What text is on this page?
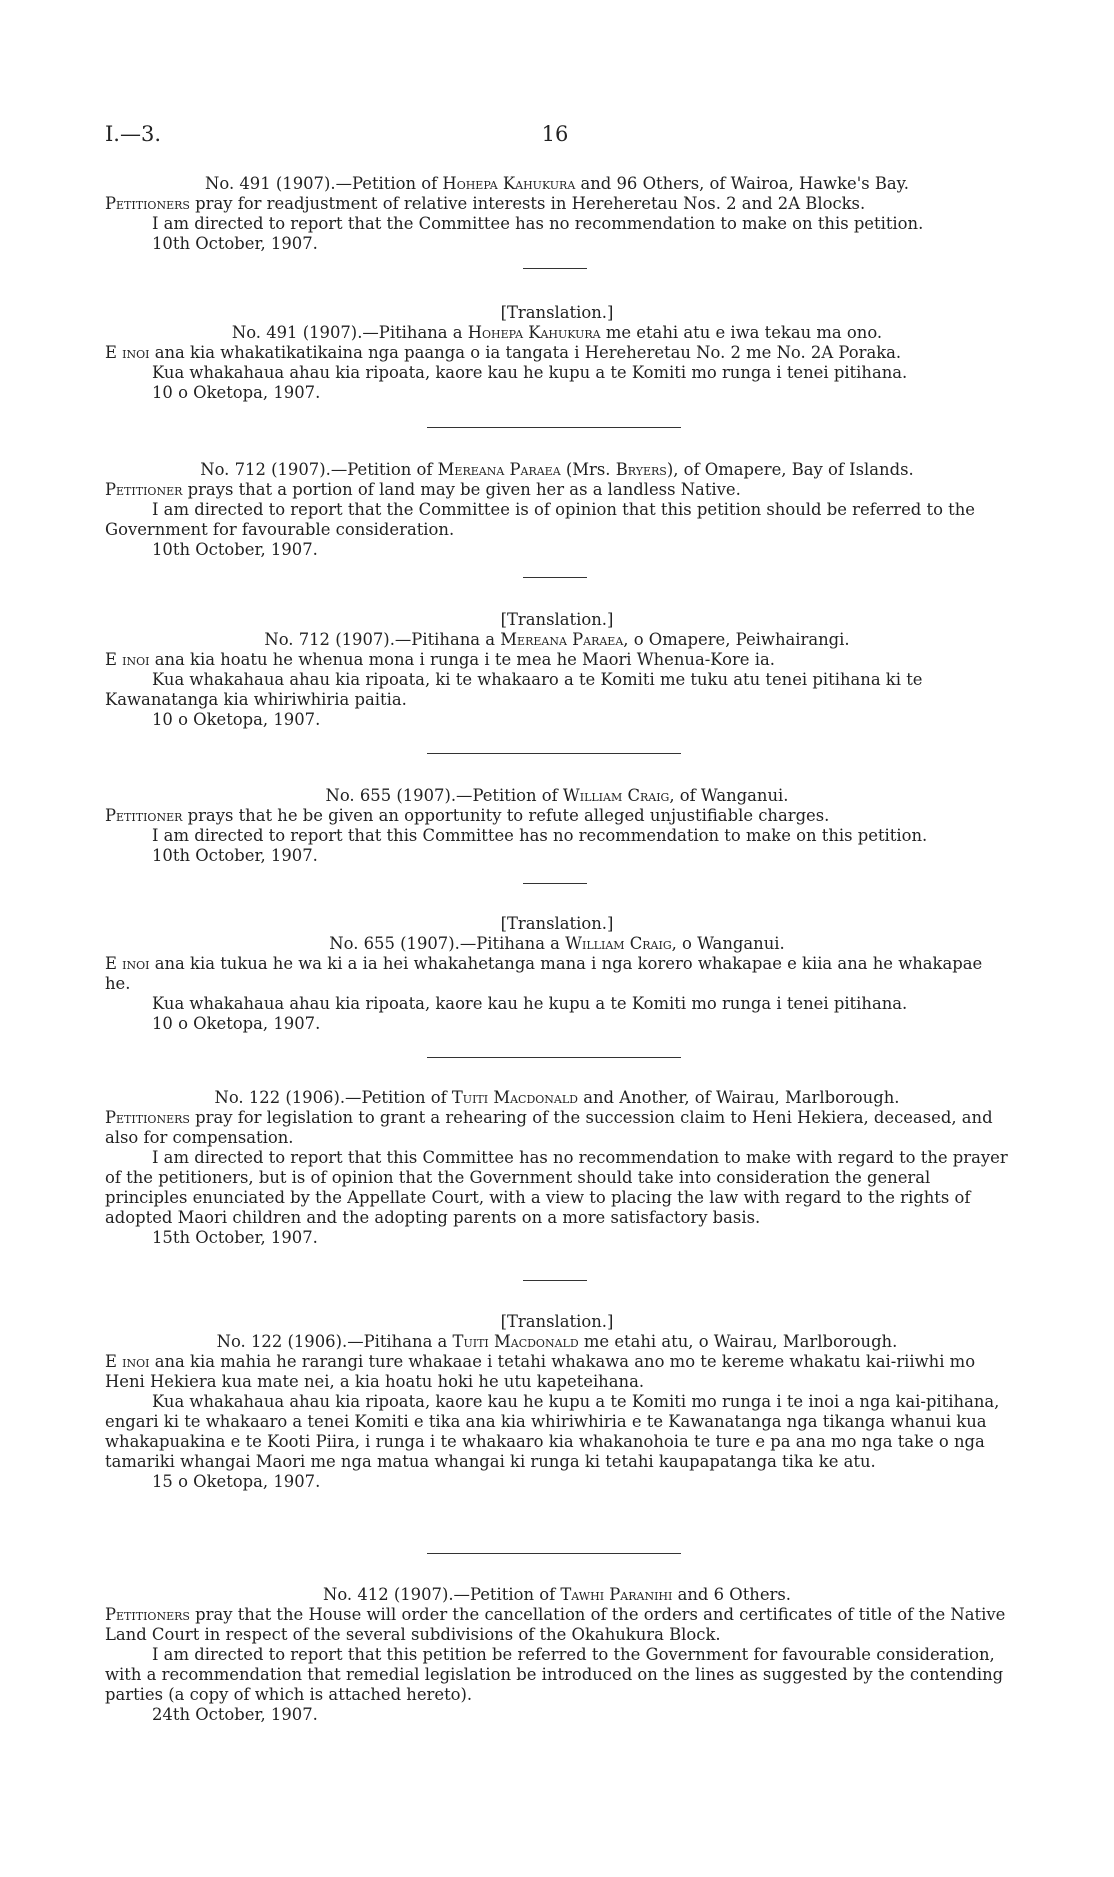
I.—3.	16

No. 491 (1907).—Petition of Hohepa Kahukura and 96 Others, of Wairoa, Hawke's Bay.

Petitioners pray for readjustment of relative interests in Hereheretau Nos. 2 and 2A Blocks.

I am directed to report that the Committee has no recommendation to make on this petition.

10th October, 1907.

[Translation.]

No. 491 (1907).—Pitihana a Hohepa Kahukura me etahi atu e iwa tekau ma ono.

E inoi ana kia whakatikatikaina nga paanga o ia tangata i Hereheretau No. 2 me No. 2A Poraka.

Kua whakahaua ahau kia ripoata, kaore kau he kupu a te Komiti mo runga i tenei pitihana.

10 o Oketopa, 1907.

No. 712 (1907).—Petition of Mereana Paraea (Mrs. Bryers), of Omapere, Bay of Islands.

Petitioner prays that a portion of land may be given her as a landless Native.

I am directed to report that the Committee is of opinion that this petition should be referred to the Government for favourable consideration.

10th October, 1907.

[Translation.]

No. 712 (1907).—Pitihana a Mereana Paraea, o Omapere, Peiwhairangi.

E inoi ana kia hoatu he whenua mona i runga i te mea he Maori Whenua-Kore ia.

Kua whakahaua ahau kia ripoata, ki te whakaaro a te Komiti me tuku atu tenei pitihana ki te Kawanatanga kia whiriwhiria paitia.

10 o Oketopa, 1907.

No. 655 (1907).—Petition of William Craig, of Wanganui.

Petitioner prays that he be given an opportunity to refute alleged unjustifiable charges.

I am directed to report that this Committee has no recommendation to make on this petition.

10th October, 1907.

[Translation.]

No. 655 (1907).—Pitihana a William Craig, o Wanganui.

E inoi ana kia tukua he wa ki a ia hei whakahetanga mana i nga korero whakapae e kiia ana he whakapae he.

Kua whakahaua ahau kia ripoata, kaore kau he kupu a te Komiti mo runga i tenei pitihana.

10 o Oketopa, 1907.

No. 122 (1906).—Petition of Tuiti Macdonald and Another, of Wairau, Marlborough.

Petitioners pray for legislation to grant a rehearing of the succession claim to Heni Hekiera, deceased, and also for compensation.

I am directed to report that this Committee has no recommendation to make with regard to the prayer of the petitioners, but is of opinion that the Government should take into consideration the general principles enunciated by the Appellate Court, with a view to placing the law with regard to the rights of adopted Maori children and the adopting parents on a more satisfactory basis.

15th October, 1907.

[Translation.]

No. 122 (1906).—Pitihana a Tuiti Macdonald me etahi atu, o Wairau, Marlborough.

E inoi ana kia mahia he rarangi ture whakaae i tetahi whakawa ano mo te kereme whakatu kai-riiwhi mo Heni Hekiera kua mate nei, a kia hoatu hoki he utu kapeteihana.

Kua whakahaua ahau kia ripoata, kaore kau he kupu a te Komiti mo runga i te inoi a nga kai-pitihana, engari ki te whakaaro a tenei Komiti e tika ana kia whiriwhiria e te Kawanatanga nga tikanga whanui kua whakapuakina e te Kooti Piira, i runga i te whakaaro kia whakanohoia te ture e pa ana mo nga take o nga tamariki whangai Maori me nga matua whangai ki runga ki tetahi kaupapatanga tika ke atu.

15 o Oketopa, 1907.

No. 412 (1907).—Petition of Tawhi Paranihi and 6 Others.

Petitioners pray that the House will order the cancellation of the orders and certificates of title of the Native Land Court in respect of the several subdivisions of the Okahukura Block.

I am directed to report that this petition be referred to the Government for favourable consideration, with a recommendation that remedial legislation be introduced on the lines as suggested by the contending parties (a copy of which is attached hereto).

24th October, 1907.
